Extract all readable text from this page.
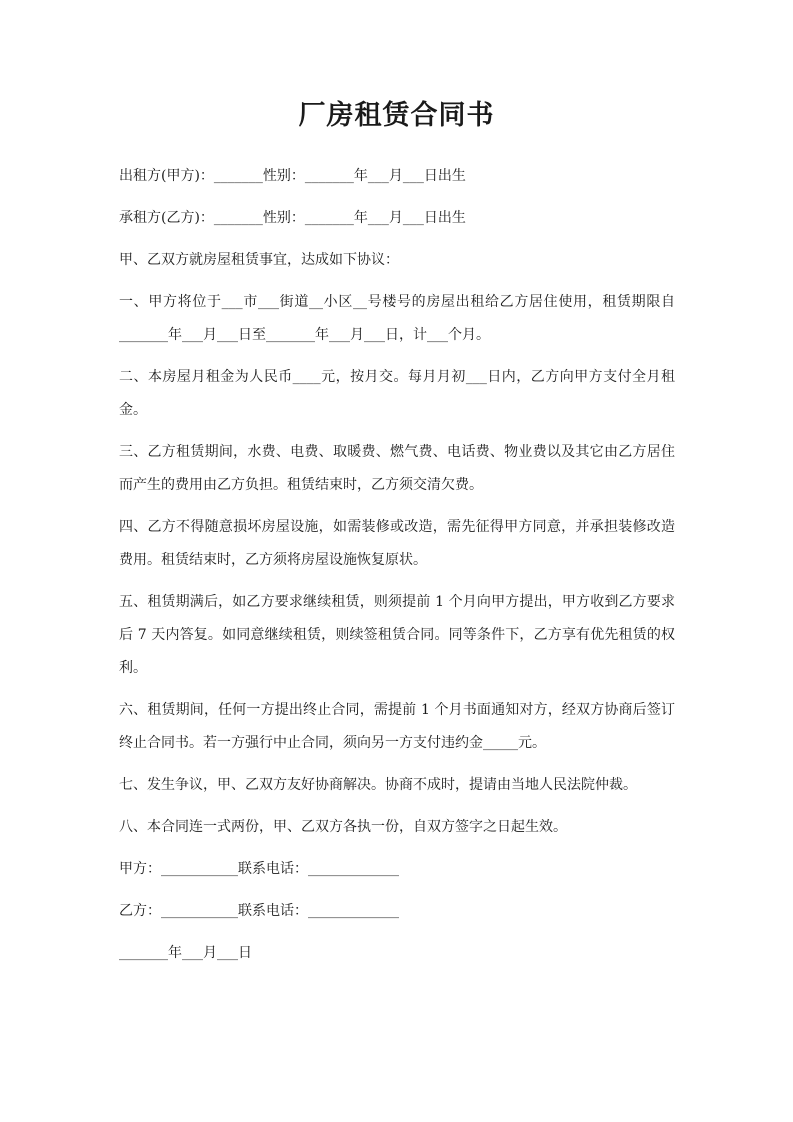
厂房租赁合同书

出租方(甲方)：_______性别：_______年___月___日出生

承租方(乙方)：_______性别：_______年___月___日出生

甲、乙双方就房屋租赁事宜，达成如下协议：

一、甲方将位于___市___街道__小区__号楼号的房屋出租给乙方居住使用，租赁期限自_______年___月___日至_______年___月___日，计___个月。

二、本房屋月租金为人民币____元，按月交。每月月初___日内，乙方向甲方支付全月租金。

三、乙方租赁期间，水费、电费、取暖费、燃气费、电话费、物业费以及其它由乙方居住而产生的费用由乙方负担。租赁结束时，乙方须交清欠费。

四、乙方不得随意损坏房屋设施，如需装修或改造，需先征得甲方同意，并承担装修改造费用。租赁结束时，乙方须将房屋设施恢复原状。

五、租赁期满后，如乙方要求继续租赁，则须提前 1 个月向甲方提出，甲方收到乙方要求后 7 天内答复。如同意继续租赁，则续签租赁合同。同等条件下，乙方享有优先租赁的权利。

六、租赁期间，任何一方提出终止合同，需提前 1 个月书面通知对方，经双方协商后签订终止合同书。若一方强行中止合同，须向另一方支付违约金_____元。

七、发生争议，甲、乙双方友好协商解决。协商不成时，提请由当地人民法院仲裁。

八、本合同连一式两份，甲、乙双方各执一份，自双方签字之日起生效。

甲方：___________联系电话：_____________

乙方：___________联系电话：_____________

_______年___月___日
